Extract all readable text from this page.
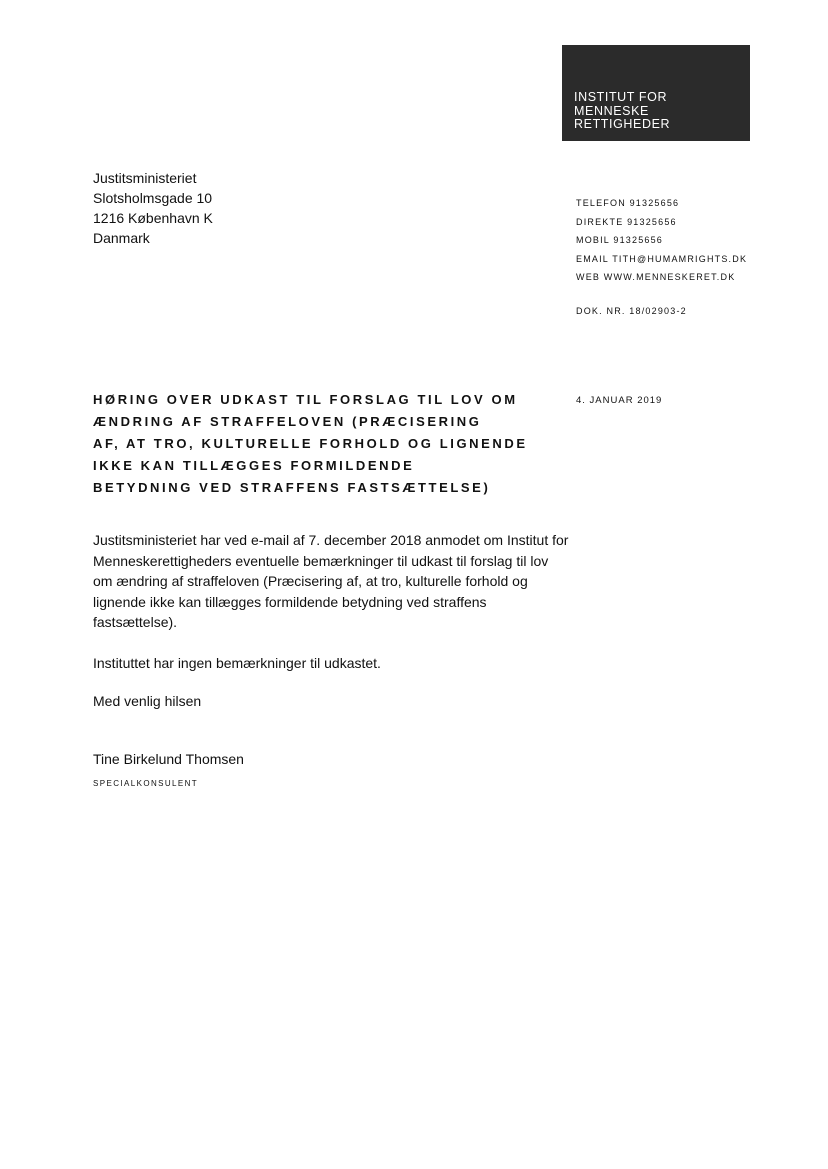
INSTITUT FOR
MENNESKE
RETTIGHEDER
Justitsministeriet
Slotsholmsgade 10
1216 København K
Danmark
TELEFON 91325656
DIREKTE 91325656
MOBIL 91325656
EMAIL TITH@HUMAMRIGHTS.DK
WEB WWW.MENNESKERET.DK
DOK. NR. 18/02903-2
4. JANUAR 2019
HØRING OVER UDKAST TIL FORSLAG TIL LOV OM
ÆNDRING AF STRAFFELOVEN (PRÆCISERING
AF, AT TRO, KULTURELLE FORHOLD OG LIGNENDE
IKKE KAN TILLÆGGES FORMILDENDE
BETYDNING VED STRAFFENS FASTSÆTTELSE)

Justitsministeriet har ved e-mail af 7. december 2018 anmodet om Institut for Menneskerettigheders eventuelle bemærkninger til udkast til forslag til lov om ændring af straffeloven (Præcisering af, at tro, kulturelle forhold og lignende ikke kan tillægges formildende betydning ved straffens fastsættelse).

Instituttet har ingen bemærkninger til udkastet.

Med venlig hilsen

Tine Birkelund Thomsen
SPECIALKONSULENT
